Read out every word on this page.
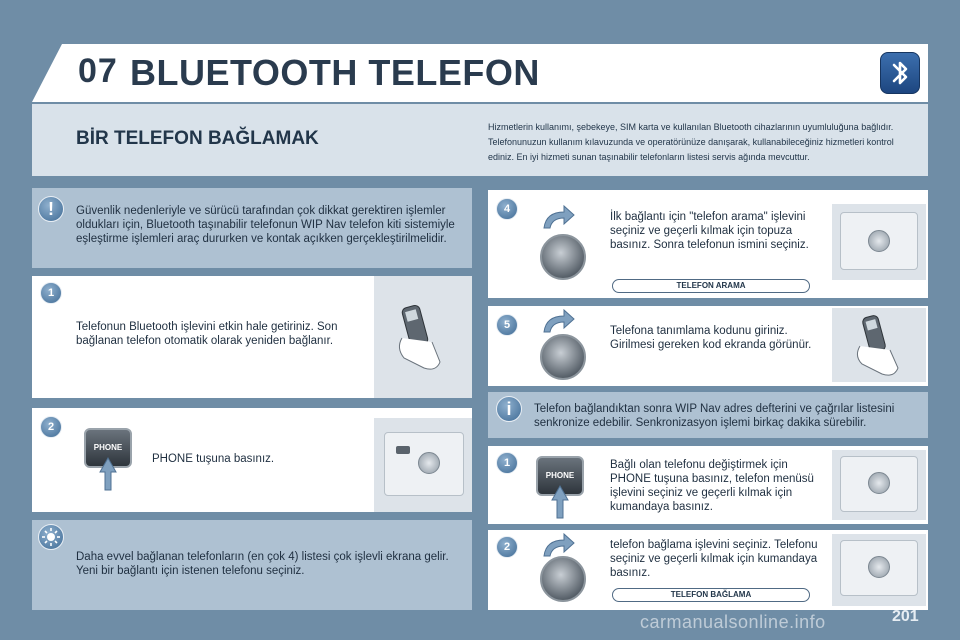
07 BLUETOOTH TELEFON
BİR TELEFON BAĞLAMAK
Hizmetlerin kullanımı, şebekeye, SIM karta ve kullanılan Bluetooth cihazlarının uyumluluğuna bağlıdır. Telefonunuzun kullanım kılavuzunda ve operatörünüze danışarak, kullanabileceğiniz hizmetleri kontrol ediniz. En iyi hizmeti sunan taşınabilir telefonların listesi servis ağında mevcuttur.
!	Güvenlik nedenleriyle ve sürücü tarafından çok dikkat gerektiren işlemler oldukları için, Bluetooth taşınabilir telefonun WIP Nav telefon kiti sistemiyle eşleştirme işlemleri araç dururken ve kontak açıkken gerçekleştirilmelidir.
1
Telefonun Bluetooth işlevini etkin hale getiriniz. Son bağlanan telefon otomatik olarak yeniden bağlanır.
2
PHONE
PHONE tuşuna basınız.
Daha evvel bağlanan telefonların (en çok 4) listesi çok işlevli ekrana gelir. Yeni bir bağlantı için istenen telefonu seçiniz.
4
İlk bağlantı için "telefon arama" işlevini seçiniz ve geçerli kılmak için topuza basınız. Sonra telefonun ismini seçiniz.
TELEFON ARAMA
5	Telefona tanımlama kodunu giriniz. Girilmesi gereken kod ekranda görünür.
i	Telefon bağlandıktan sonra WIP Nav adres defterini ve çağrılar listesini senkronize edebilir. Senkronizasyon işlemi birkaç dakika sürebilir.
1
PHONE
Bağlı olan telefonu değiştirmek için PHONE tuşuna basınız, telefon menüsü işlevini seçiniz ve geçerli kılmak için kumandaya basınız.
2	telefon bağlama işlevini seçiniz. Telefonu seçiniz ve geçerli kılmak için kumandaya basınız.
TELEFON BAĞLAMA
carmanualsonline.info	201
